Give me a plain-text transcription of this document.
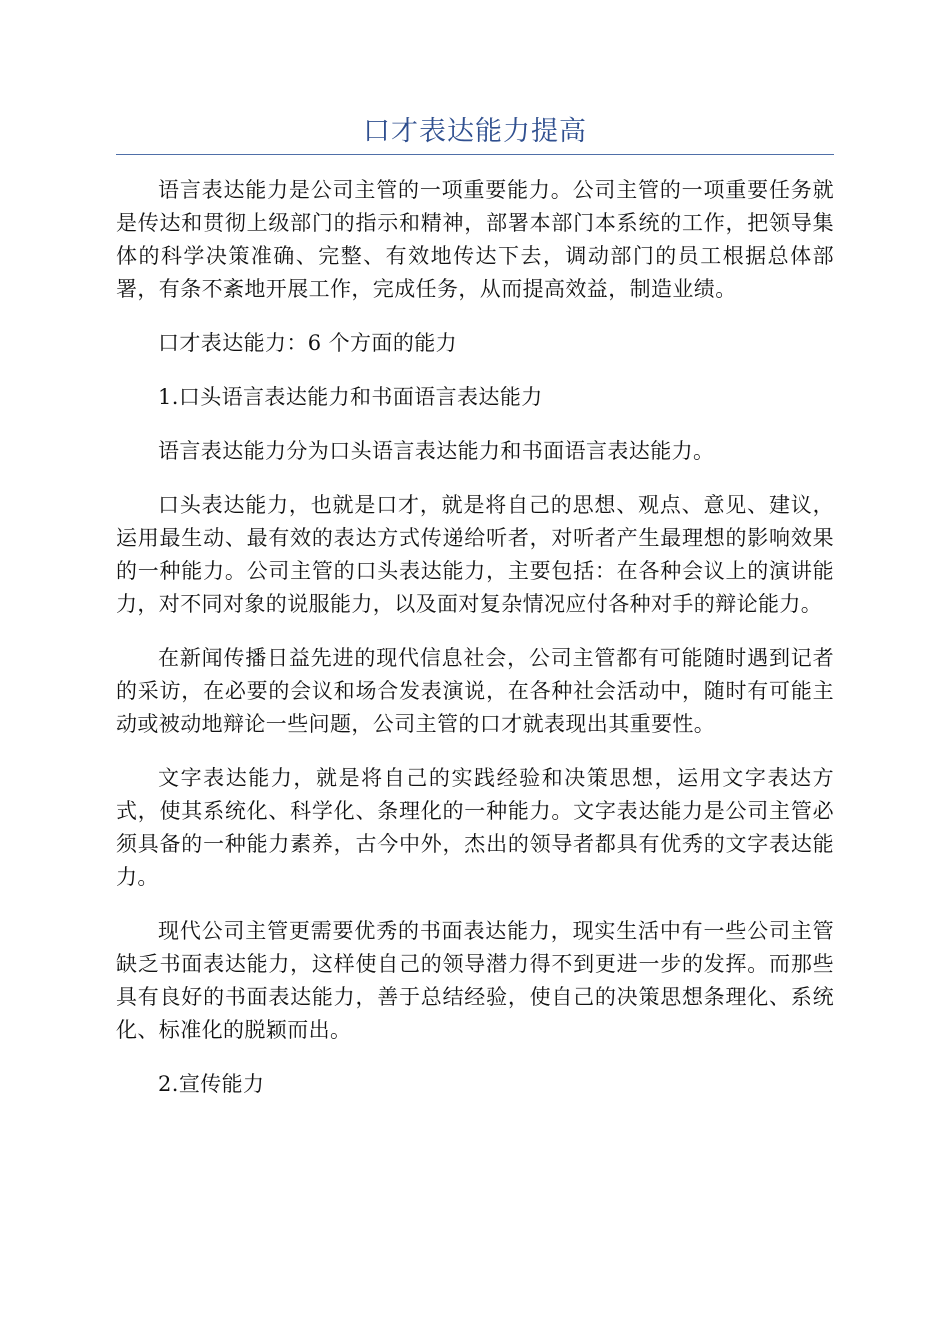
口才表达能力提高

语言表达能力是公司主管的一项重要能力。公司主管的一项重要任务就是传达和贯彻上级部门的指示和精神，部署本部门本系统的工作，把领导集体的科学决策准确、完整、有效地传达下去，调动部门的员工根据总体部署，有条不紊地开展工作，完成任务，从而提高效益，制造业绩。

口才表达能力：6 个方面的能力

1.口头语言表达能力和书面语言表达能力

语言表达能力分为口头语言表达能力和书面语言表达能力。

口头表达能力，也就是口才，就是将自己的思想、观点、意见、建议，运用最生动、最有效的表达方式传递给听者，对听者产生最理想的影响效果的一种能力。公司主管的口头表达能力，主要包括：在各种会议上的演讲能力，对不同对象的说服能力，以及面对复杂情况应付各种对手的辩论能力。

在新闻传播日益先进的现代信息社会，公司主管都有可能随时遇到记者的采访，在必要的会议和场合发表演说，在各种社会活动中，随时有可能主动或被动地辩论一些问题，公司主管的口才就表现出其重要性。

文字表达能力，就是将自己的实践经验和决策思想，运用文字表达方式，使其系统化、科学化、条理化的一种能力。文字表达能力是公司主管必须具备的一种能力素养，古今中外，杰出的领导者都具有优秀的文字表达能力。

现代公司主管更需要优秀的书面表达能力，现实生活中有一些公司主管缺乏书面表达能力，这样使自己的领导潜力得不到更进一步的发挥。而那些具有良好的书面表达能力，善于总结经验，使自己的决策思想条理化、系统化、标准化的脱颖而出。

2.宣传能力
